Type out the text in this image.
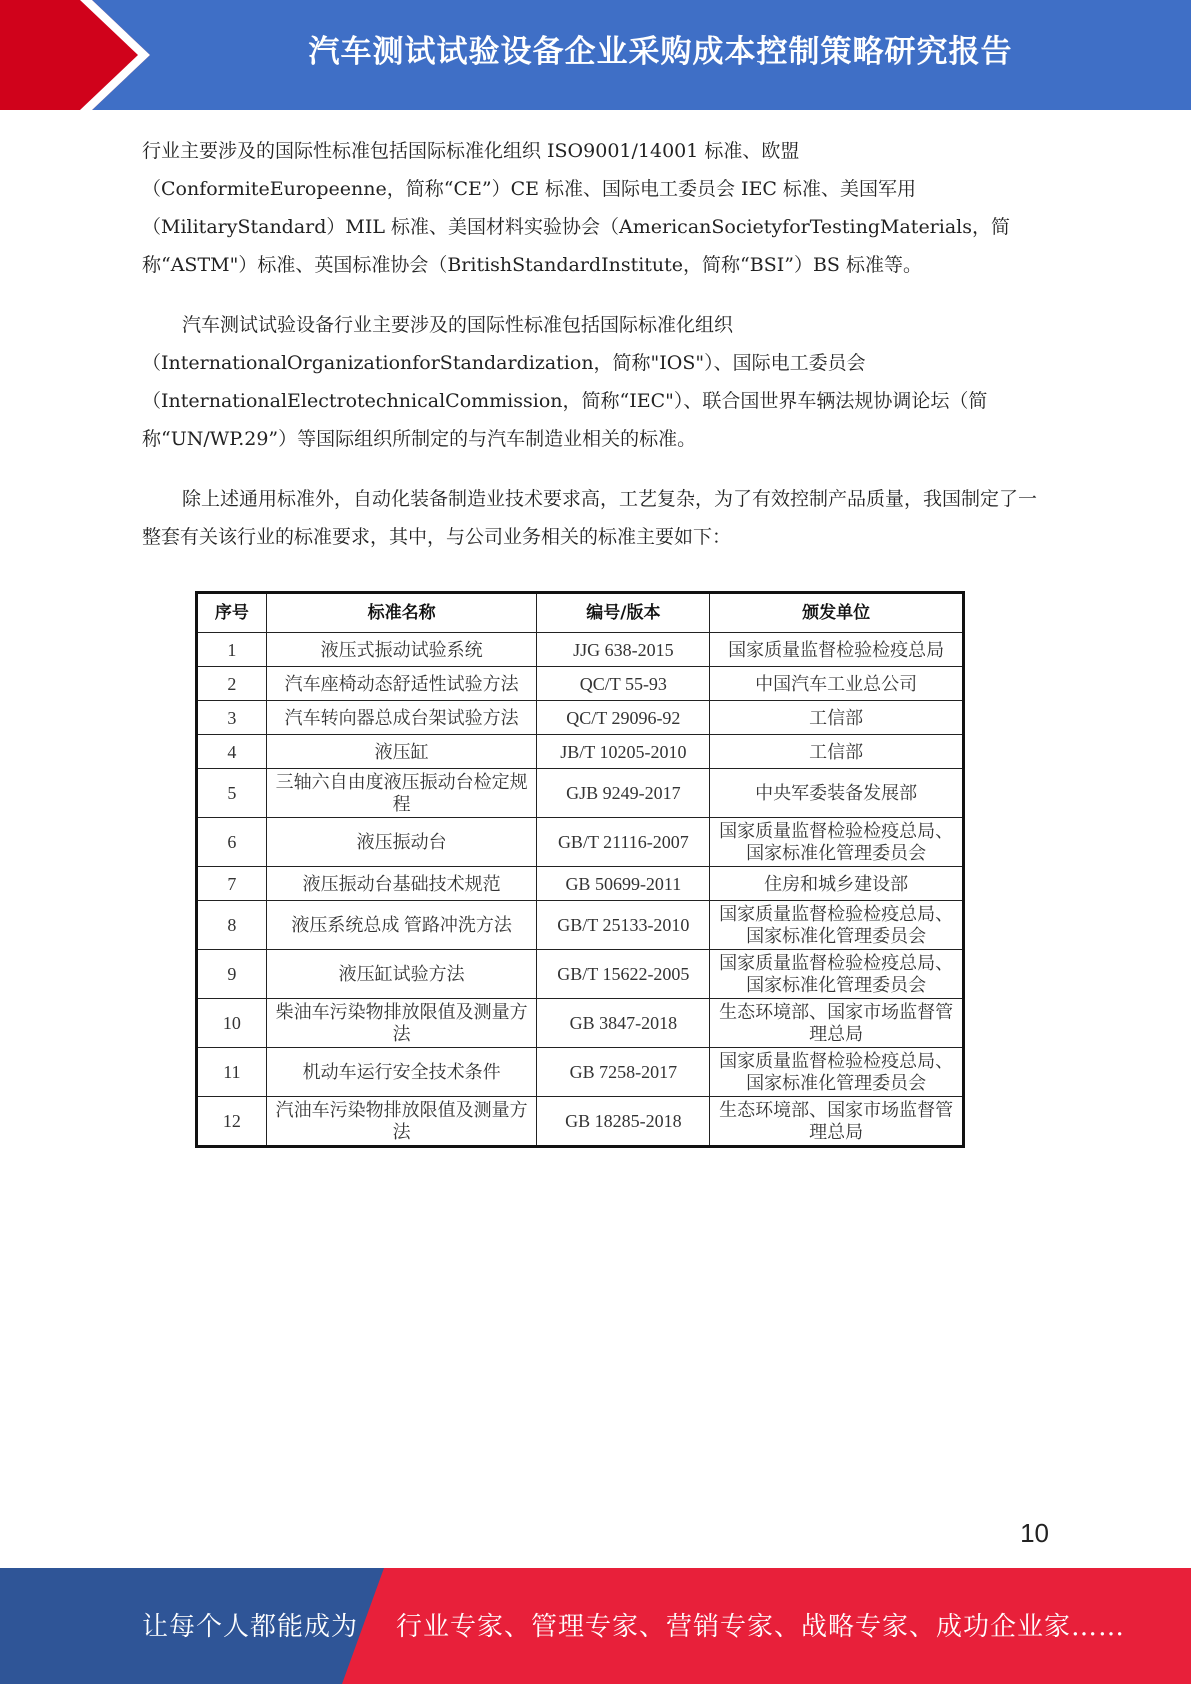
汽车测试试验设备企业采购成本控制策略研究报告

行业主要涉及的国际性标准包括国际标准化组织 ISO9001/14001 标准、欧盟（ConformiteEuropeenne，简称“CE”）CE 标准、国际电工委员会 IEC 标准、美国军用（MilitaryStandard）MIL 标准、美国材料实验协会（AmericanSocietyforTestingMaterials，简称“ASTM"）标准、英国标准协会（BritishStandardInstitute，简称“BSI”）BS 标准等。

汽车测试试验设备行业主要涉及的国际性标准包括国际标准化组织（InternationalOrganizationforStandardization，简称"IOS"）、国际电工委员会（InternationalElectrotechnicalCommission，简称“IEC"）、联合国世界车辆法规协调论坛（简称“UN/WP.29”）等国际组织所制定的与汽车制造业相关的标准。

除上述通用标准外，自动化装备制造业技术要求高，工艺复杂，为了有效控制产品质量，我国制定了一整套有关该行业的标准要求，其中，与公司业务相关的标准主要如下：

序号	标准名称	编号/版本	颁发单位
1	液压式振动试验系统	JJG 638-2015	国家质量监督检验检疫总局
2	汽车座椅动态舒适性试验方法	QC/T 55-93	中国汽车工业总公司
3	汽车转向器总成台架试验方法	QC/T 29096-92	工信部
4	液压缸	JB/T 10205-2010	工信部
5	三轴六自由度液压振动台检定规程	GJB 9249-2017	中央军委装备发展部
6	液压振动台	GB/T 21116-2007	国家质量监督检验检疫总局、国家标准化管理委员会
7	液压振动台基础技术规范	GB 50699-2011	住房和城乡建设部
8	液压系统总成 管路冲洗方法	GB/T 25133-2010	国家质量监督检验检疫总局、国家标准化管理委员会
9	液压缸试验方法	GB/T 15622-2005	国家质量监督检验检疫总局、国家标准化管理委员会
10	柴油车污染物排放限值及测量方法	GB 3847-2018	生态环境部、国家市场监督管理总局
11	机动车运行安全技术条件	GB 7258-2017	国家质量监督检验检疫总局、国家标准化管理委员会
12	汽油车污染物排放限值及测量方法	GB 18285-2018	生态环境部、国家市场监督管理总局
10
让每个人都能成为 行业专家、管理专家、营销专家、战略专家、成功企业家……
